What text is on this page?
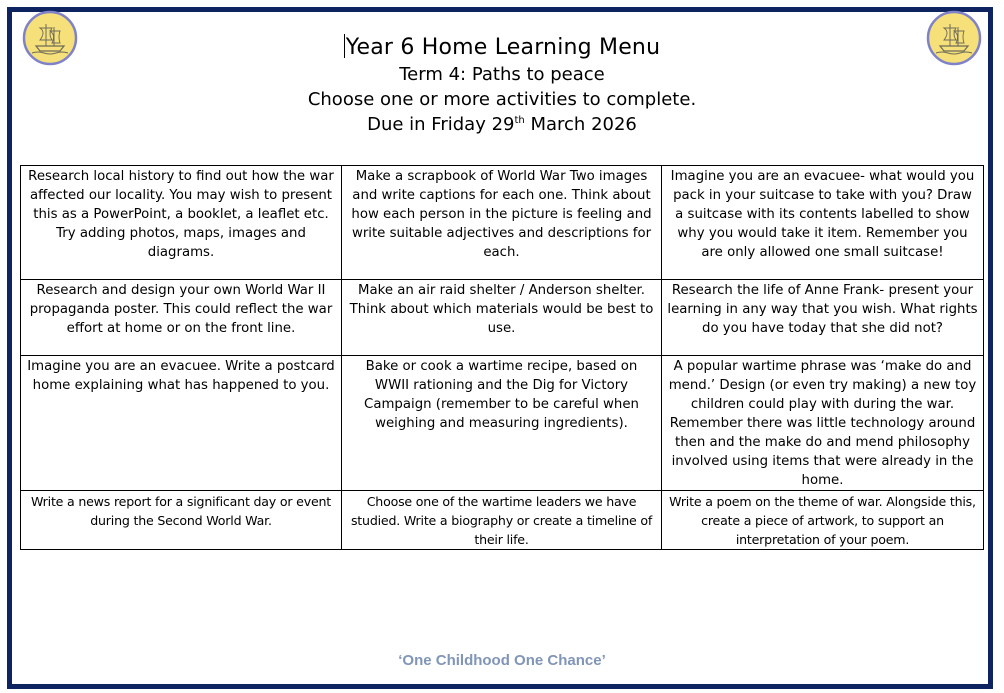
Year 6 Home Learning Menu
Term 4: Paths to peace
Choose one or more activities to complete.
Due in Friday 29th March 2026
Research local history to find out how the war affected our locality. You may wish to present this as a PowerPoint, a booklet, a leaflet etc. Try adding photos, maps, images and diagrams.	Make a scrapbook of World War Two images and write captions for each one. Think about how each person in the picture is feeling and write suitable adjectives and descriptions for each.	Imagine you are an evacuee- what would you pack in your suitcase to take with you? Draw a suitcase with its contents labelled to show why you would take it item. Remember you are only allowed one small suitcase!
Research and design your own World War II propaganda poster. This could reflect the war effort at home or on the front line.	Make an air raid shelter / Anderson shelter. Think about which materials would be best to use.	Research the life of Anne Frank- present your learning in any way that you wish. What rights do you have today that she did not?
Imagine you are an evacuee. Write a postcard home explaining what has happened to you.	Bake or cook a wartime recipe, based on WWII rationing and the Dig for Victory Campaign (remember to be careful when weighing and measuring ingredients).	A popular wartime phrase was ‘make do and mend.’ Design (or even try making) a new toy children could play with during the war. Remember there was little technology around then and the make do and mend philosophy involved using items that were already in the home.
Write a news report for a significant day or event during the Second World War.	Choose one of the wartime leaders we have studied. Write a biography or create a timeline of their life.	Write a poem on the theme of war. Alongside this, create a piece of artwork, to support an interpretation of your poem.
‘One Childhood One Chance’
